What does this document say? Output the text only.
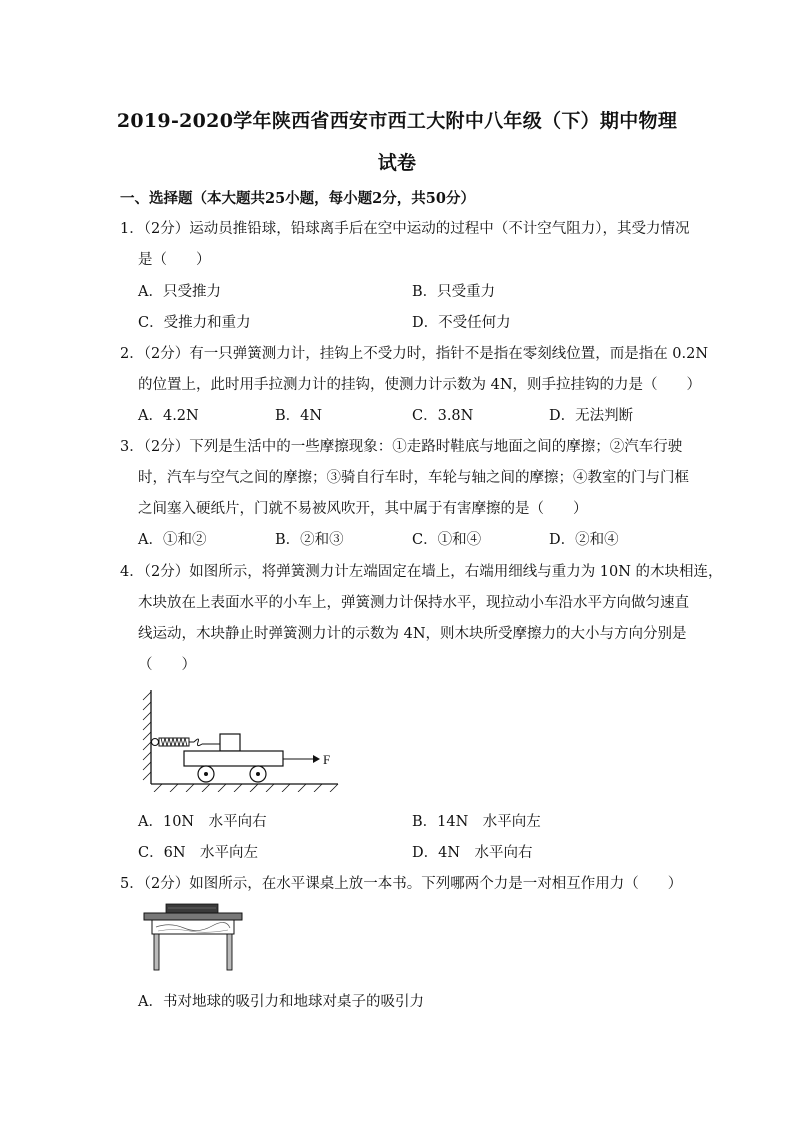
2019-2020学年陕西省西安市西工大附中八年级（下）期中物理
试卷
一、选择题（本大题共25小题，每小题2分，共50分）
1．（2分）运动员推铅球，铅球离手后在空中运动的过程中（不计空气阻力），其受力情况
是（　　）
A．只受推力	B．只受重力
C．受推力和重力	D．不受任何力
2．（2分）有一只弹簧测力计，挂钩上不受力时，指针不是指在零刻线位置，而是指在 0.2N
的位置上，此时用手拉测力计的挂钩，使测力计示数为 4N，则手拉挂钩的力是（　　）
A．4.2N	B．4N	C．3.8N	D．无法判断
3．（2分）下列是生活中的一些摩擦现象：①走路时鞋底与地面之间的摩擦；②汽车行驶
时，汽车与空气之间的摩擦；③骑自行车时，车轮与轴之间的摩擦；④教室的门与门框
之间塞入硬纸片，门就不易被风吹开，其中属于有害摩擦的是（　　）
A．①和②	B．②和③	C．①和④	D．②和④
4．（2分）如图所示，将弹簧测力计左端固定在墙上，右端用细线与重力为 10N 的木块相连，
木块放在上表面水平的小车上，弹簧测力计保持水平，现拉动小车沿水平方向做匀速直
线运动，木块静止时弹簧测力计的示数为 4N，则木块所受摩擦力的大小与方向分别是
（　　）
F
A．10N　水平向右	B．14N　水平向左
C．6N　水平向左	D．4N　水平向右
5．（2分）如图所示，在水平课桌上放一本书。下列哪两个力是一对相互作用力（　　）
A．书对地球的吸引力和地球对桌子的吸引力
